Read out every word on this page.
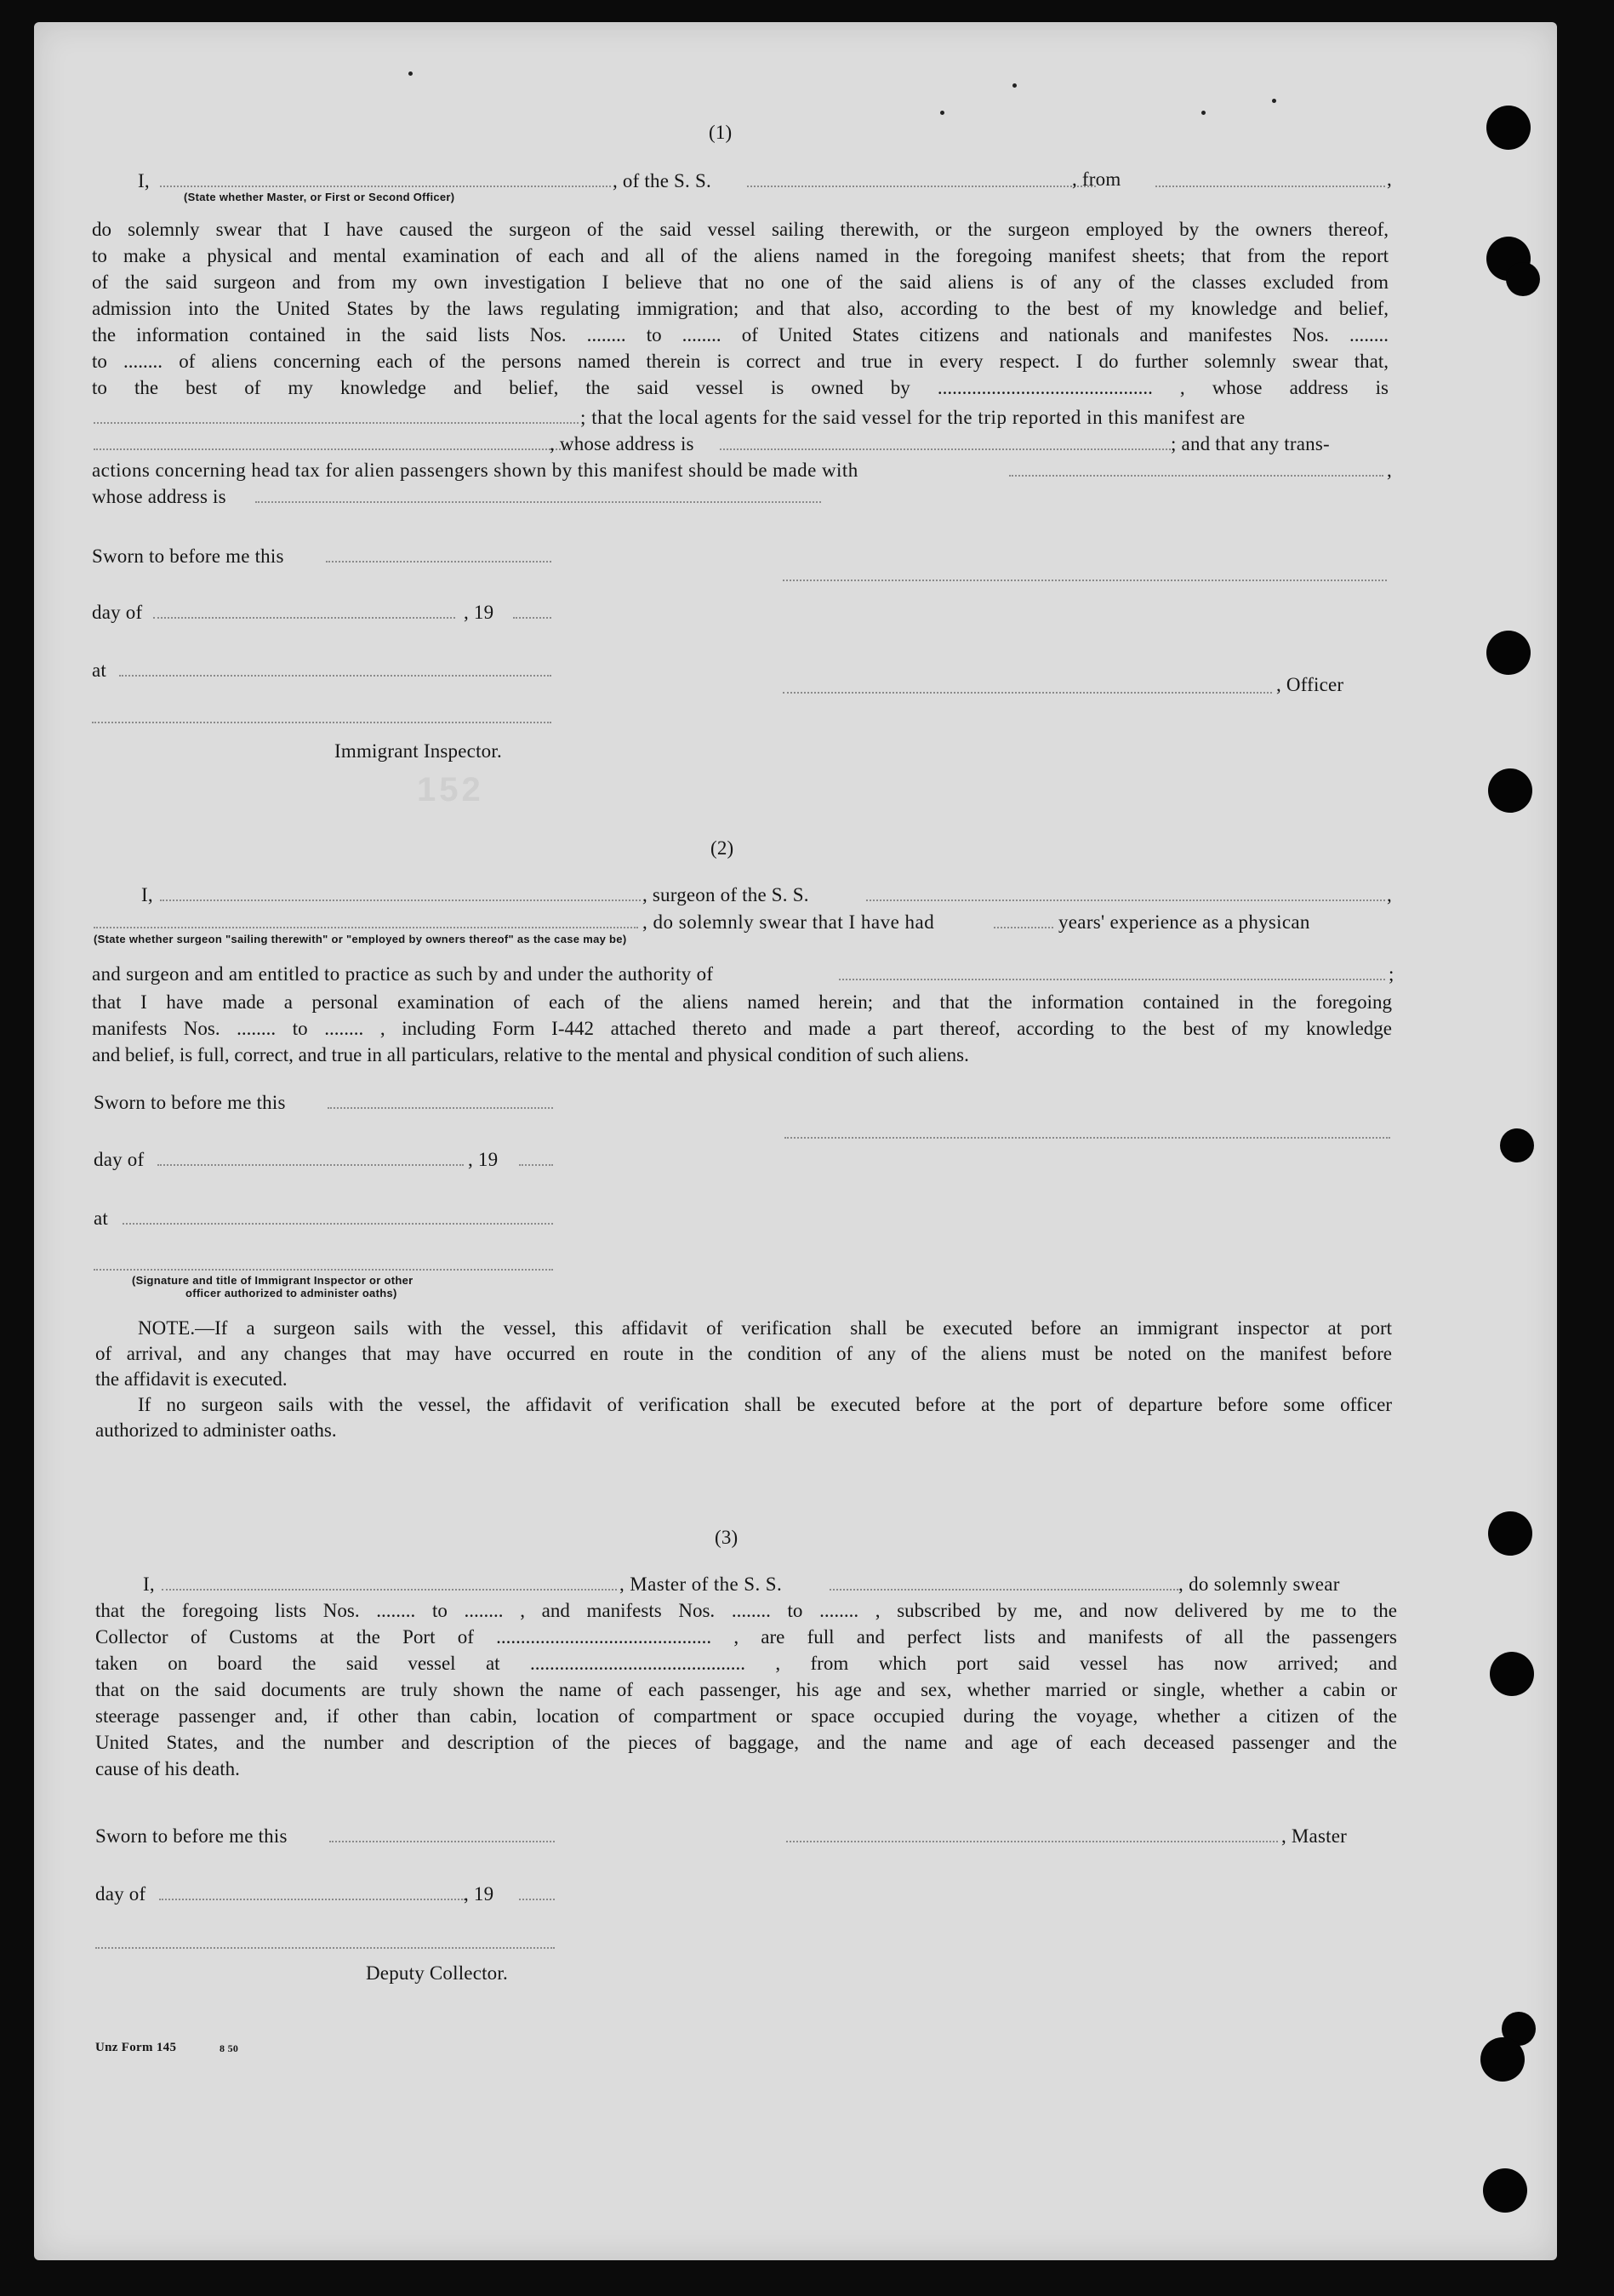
(1)
I,	, of the S. S.	, from	,
(State whether Master, or First or Second Officer)

do solemnly swear that I have caused the surgeon of the said vessel sailing therewith, or the surgeon employed by the owners thereof,

to make a physical and mental examination of each and all of the aliens named in the foregoing manifest sheets; that from the report

of the said surgeon and from my own investigation I believe that no one of the said aliens is of any of the classes excluded from

admission into the United States by the laws regulating immigration; and that also, according to the best of my knowledge and belief,

the information contained in the said lists Nos. ........ to ........ of United States citizens and nationals and manifestes Nos. ........

to ........ of aliens concerning each of the persons named therein is correct and true in every respect. I do further solemnly swear that,

to the best of my knowledge and belief, the said vessel is owned by ............................................ , whose address is

; that the local agents for the said vessel for the trip reported in this manifest are
, whose address is	; and that any trans-
actions concerning head tax for alien passengers shown by this manifest should be made with	,
whose address is
Sworn to before me this
day of	, 19
at
, Officer
Immigrant Inspector.
152
(2)
I,	, surgeon of the S. S.	,
, do solemnly swear that I have had	years' experience as a physican
(State whether surgeon "sailing therewith" or "employed by owners thereof" as the case may be)
and surgeon and am entitled to practice as such by and under the authority of	;

that I have made a personal examination of each of the aliens named herein; and that the information contained in the foregoing

manifests Nos. ........ to ........ , including Form I-442 attached thereto and made a part thereof, according to the best of my knowledge

and belief, is full, correct, and true in all particulars, relative to the mental and physical condition of such aliens.

Sworn to before me this
day of	, 19
at
(Signature and title of Immigrant Inspector or other
officer authorized to administer oaths)

NOTE.—If a surgeon sails with the vessel, this affidavit of verification shall be executed before an immigrant inspector at port

of arrival, and any changes that may have occurred en route in the condition of any of the aliens must be noted on the manifest before

the affidavit is executed.

If no surgeon sails with the vessel, the affidavit of verification shall be executed before at the port of departure before some officer

authorized to administer oaths.

(3)
I,	, Master of the S. S.	, do solemnly swear

that the foregoing lists Nos. ........ to ........ , and manifests Nos. ........ to ........ , subscribed by me, and now delivered by me to the

Collector of Customs at the Port of ............................................ , are full and perfect lists and manifests of all the passengers

taken on board the said vessel at ............................................ , from which port said vessel has now arrived; and

that on the said documents are truly shown the name of each passenger, his age and sex, whether married or single, whether a cabin or

steerage passenger and, if other than cabin, location of compartment or space occupied during the voyage, whether a citizen of the

United States, and the number and description of the pieces of baggage, and the name and age of each deceased passenger and the

cause of his death.

Sworn to before me this	, Master
day of	, 19
Deputy Collector.
Unz Form 145	8 50
